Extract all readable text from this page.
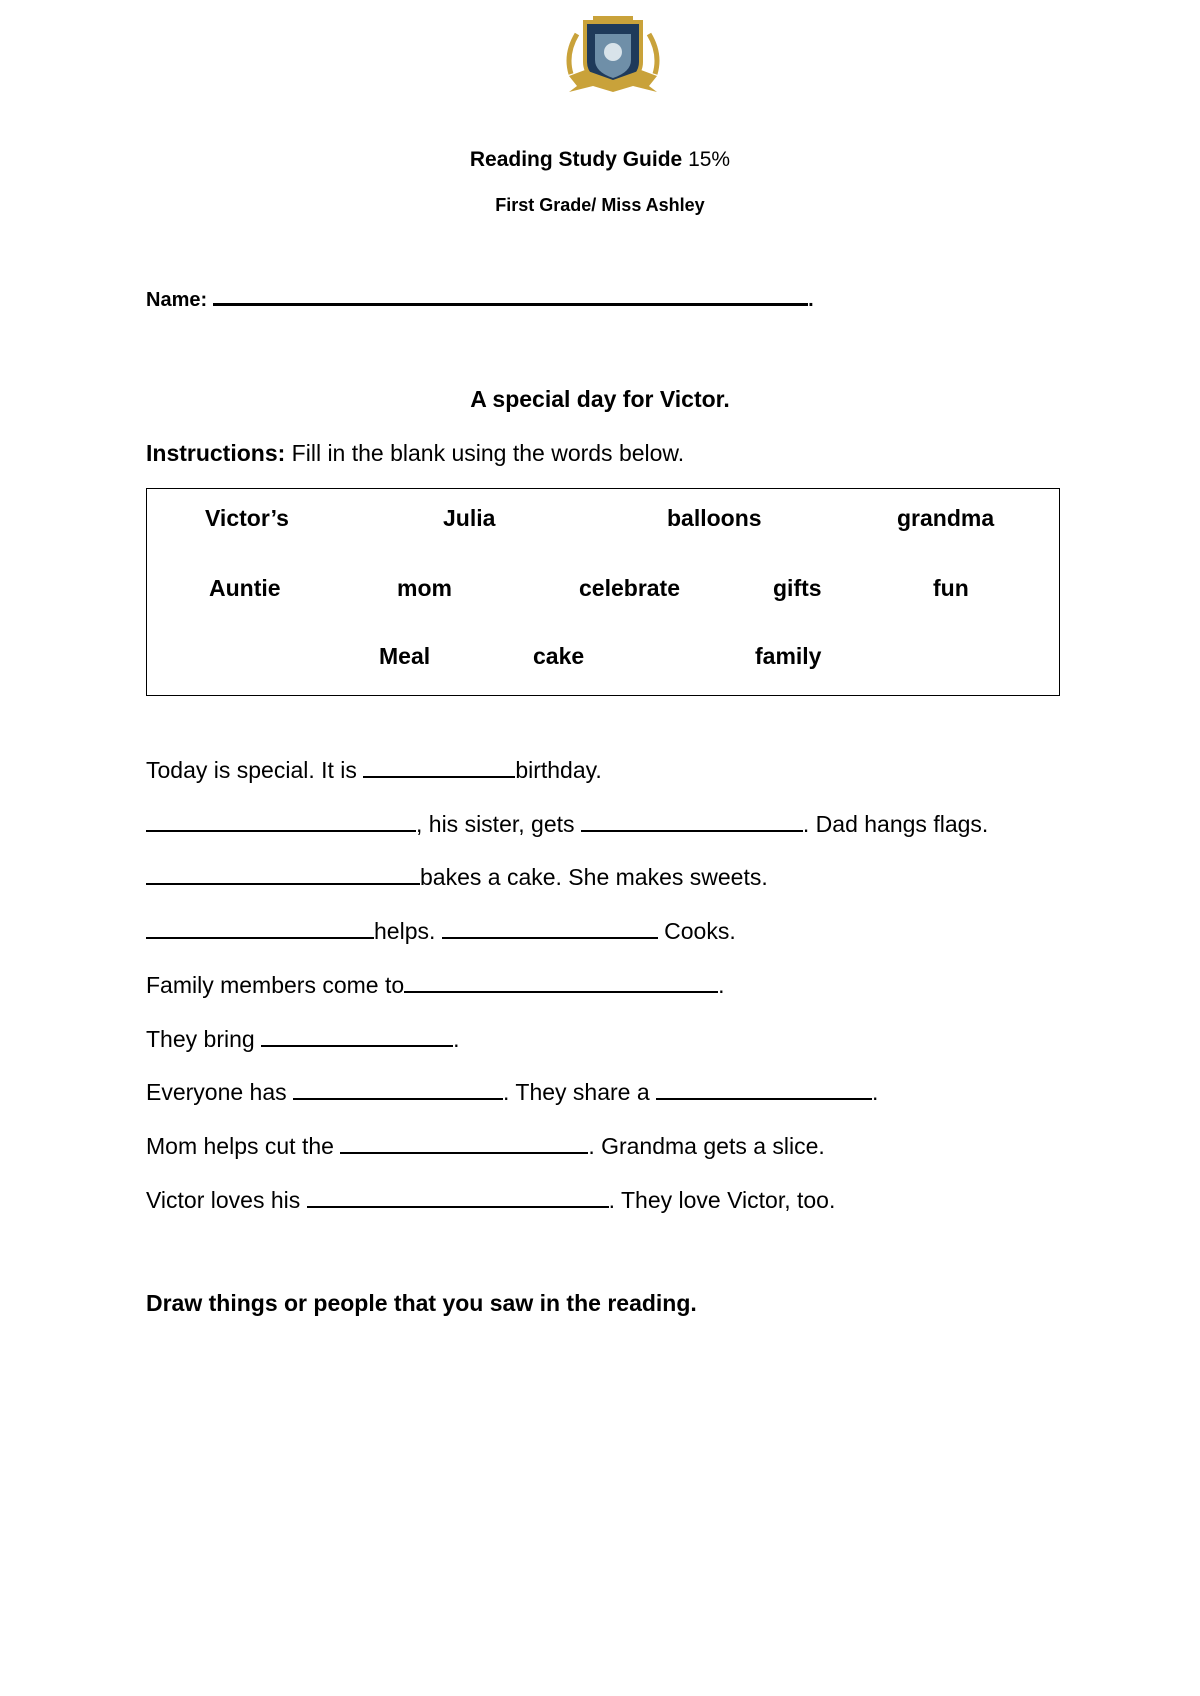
Reading Study Guide 15%
First Grade/ Miss Ashley
Name:	.
A special day for Victor.
Instructions: Fill in the blank using the words below.
Victor’s	Julia	balloons	grandma
Auntie	mom	celebrate	gifts	fun
Meal	cake	family
Today is special. It is	birthday.
, his sister, gets	. Dad hangs flags.
bakes a cake. She makes sweets.
helps.	Cooks.
Family members come to	.
They bring	.
Everyone has	. They share a	.
Mom helps cut the	. Grandma gets a slice.
Victor loves his	. They love Victor, too.
Draw things or people that you saw in the reading.
